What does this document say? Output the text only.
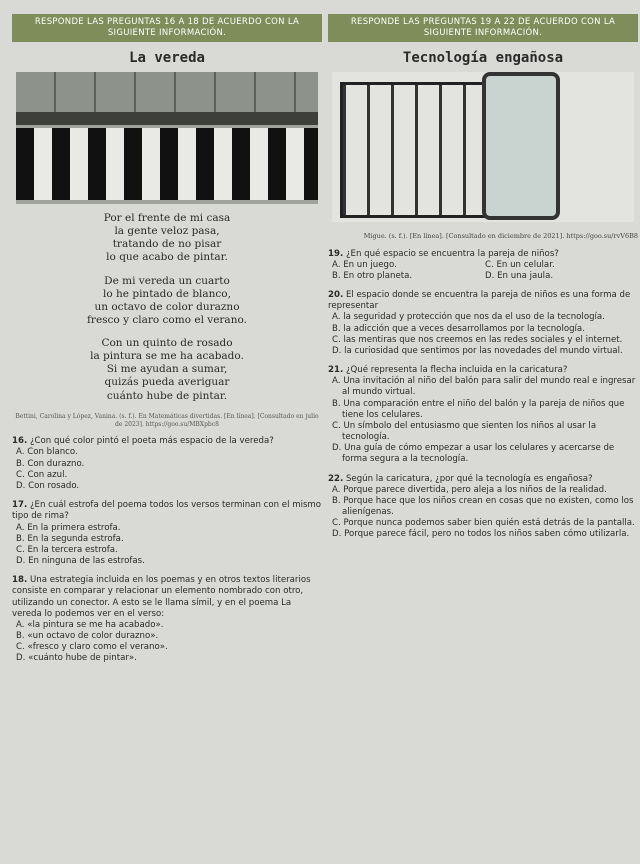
RESPONDE LAS PREGUNTAS 16 A 18 DE ACUERDO CON LA SIGUIENTE INFORMACIÓN.
La vereda

Por el frente de mi casa
la gente veloz pasa,
tratando de no pisar
lo que acabo de pintar.

De mi vereda un cuarto
lo he pintado de blanco,
un octavo de color durazno
fresco y claro como el verano.

Con un quinto de rosado
la pintura se me ha acabado.
Si me ayudan a sumar,
quizás pueda averiguar
cuánto hube de pintar.

Bettini, Carolina y López, Vanina. (s. f.). En Matemáticas divertidas. [En línea]. [Consultado en julio de 2023]. https://goo.su/MBXpbc8
16. ¿Con qué color pintó el poeta más espacio de la vereda?
A. Con blanco.
B. Con durazno.
C. Con azul.
D. Con rosado.
17. ¿En cuál estrofa del poema todos los versos terminan con el mismo tipo de rima?
A. En la primera estrofa.
B. En la segunda estrofa.
C. En la tercera estrofa.
D. En ninguna de las estrofas.
18. Una estrategia incluida en los poemas y en otros textos literarios consiste en comparar y relacionar un elemento nombrado con otro, utilizando un conector. A esto se le llama símil, y en el poema La vereda lo podemos ver en el verso:
A. «la pintura se me ha acabado».
B. «un octavo de color durazno».
C. «fresco y claro como el verano».
D. «cuánto hube de pintar».
RESPONDE LAS PREGUNTAS 19 A 22 DE ACUERDO CON LA SIGUIENTE INFORMACIÓN.
Tecnología engañosa
Migue. (s. f.). [En línea]. [Consultado en diciembre de 2021]. https://goo.su/rvV6B8
19. ¿En qué espacio se encuentra la pareja de niños?
A. En un juego.	C. En un celular.
B. En otro planeta.	D. En una jaula.
20. El espacio donde se encuentra la pareja de niños es una forma de representar
A. la seguridad y protección que nos da el uso de la tecnología.
B. la adicción que a veces desarrollamos por la tecnología.
C. las mentiras que nos creemos en las redes sociales y el internet.
D. la curiosidad que sentimos por las novedades del mundo virtual.
21. ¿Qué representa la flecha incluida en la caricatura?
A. Una invitación al niño del balón para salir del mundo real e ingresar al mundo virtual.
B. Una comparación entre el niño del balón y la pareja de niños que tiene los celulares.
C. Un símbolo del entusiasmo que sienten los niños al usar la tecnología.
D. Una guía de cómo empezar a usar los celulares y acercarse de forma segura a la tecnología.
22. Según la caricatura, ¿por qué la tecnología es engañosa?
A. Porque parece divertida, pero aleja a los niños de la realidad.
B. Porque hace que los niños crean en cosas que no existen, como los alienígenas.
C. Porque nunca podemos saber bien quién está detrás de la pantalla.
D. Porque parece fácil, pero no todos los niños saben cómo utilizarla.
